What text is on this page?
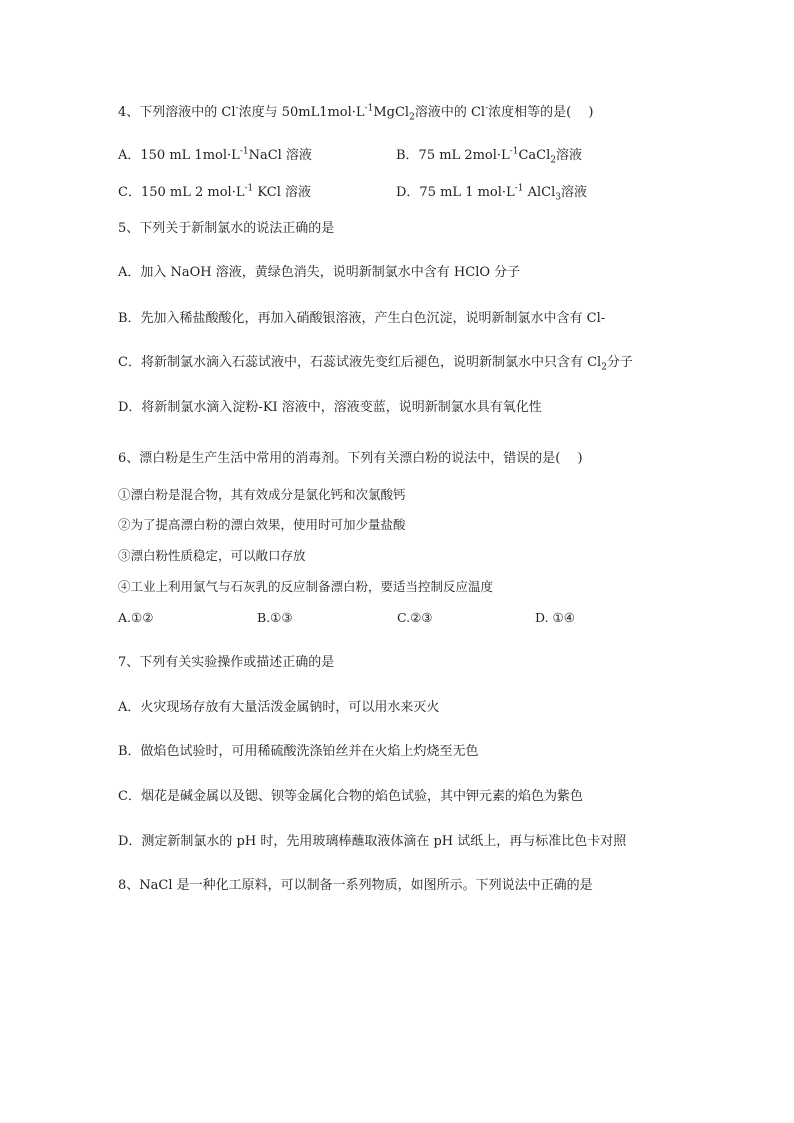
4、下列溶液中的 Cl-浓度与 $50mL1mol\cdot L^{-1}MgCl_2$溶液中的 Cl-浓度相等的是(　 )
A．150 mL $1mol\cdot L^{-1}NaCl$ 溶液	B．75 mL $2mol\cdot L^{-1}CaCl_2$溶液
C．150 mL 2 $mol\cdot L^{-1}$ KCl 溶液	D．75 mL 1 $mol\cdot L^{-1}$ AlCl$_3$溶液
5、下列关于新制氯水的说法正确的是
A．加入 NaOH 溶液，黄绿色消失，说明新制氯水中含有 HClO 分子
B．先加入稀盐酸酸化，再加入硝酸银溶液，产生白色沉淀，说明新制氯水中含有 Cl-
C．将新制氯水滴入石蕊试液中，石蕊试液先变红后褪色，说明新制氯水中只含有 $Cl_2$分子
D．将新制氯水滴入淀粉-KI 溶液中，溶液变蓝，说明新制氯水具有氧化性
6、漂白粉是生产生活中常用的消毒剂。下列有关漂白粉的说法中，错误的是(　 )
①漂白粉是混合物，其有效成分是氯化钙和次氯酸钙
②为了提高漂白粉的漂白效果，使用时可加少量盐酸
③漂白粉性质稳定，可以敞口存放
④工业上利用氯气与石灰乳的反应制备漂白粉，要适当控制反应温度
A.①②	B.①③	C.②③	D. ①④
7、下列有关实验操作或描述正确的是
A．火灾现场存放有大量活泼金属钠时，可以用水来灭火
B．做焰色试验时，可用稀硫酸洗涤铂丝并在火焰上灼烧至无色
C．烟花是碱金属以及锶、钡等金属化合物的焰色试验，其中钾元素的焰色为紫色
D．测定新制氯水的 pH 时，先用玻璃棒蘸取液体滴在 pH 试纸上，再与标准比色卡对照
8、NaCl 是一种化工原料，可以制备一系列物质，如图所示。下列说法中正确的是
